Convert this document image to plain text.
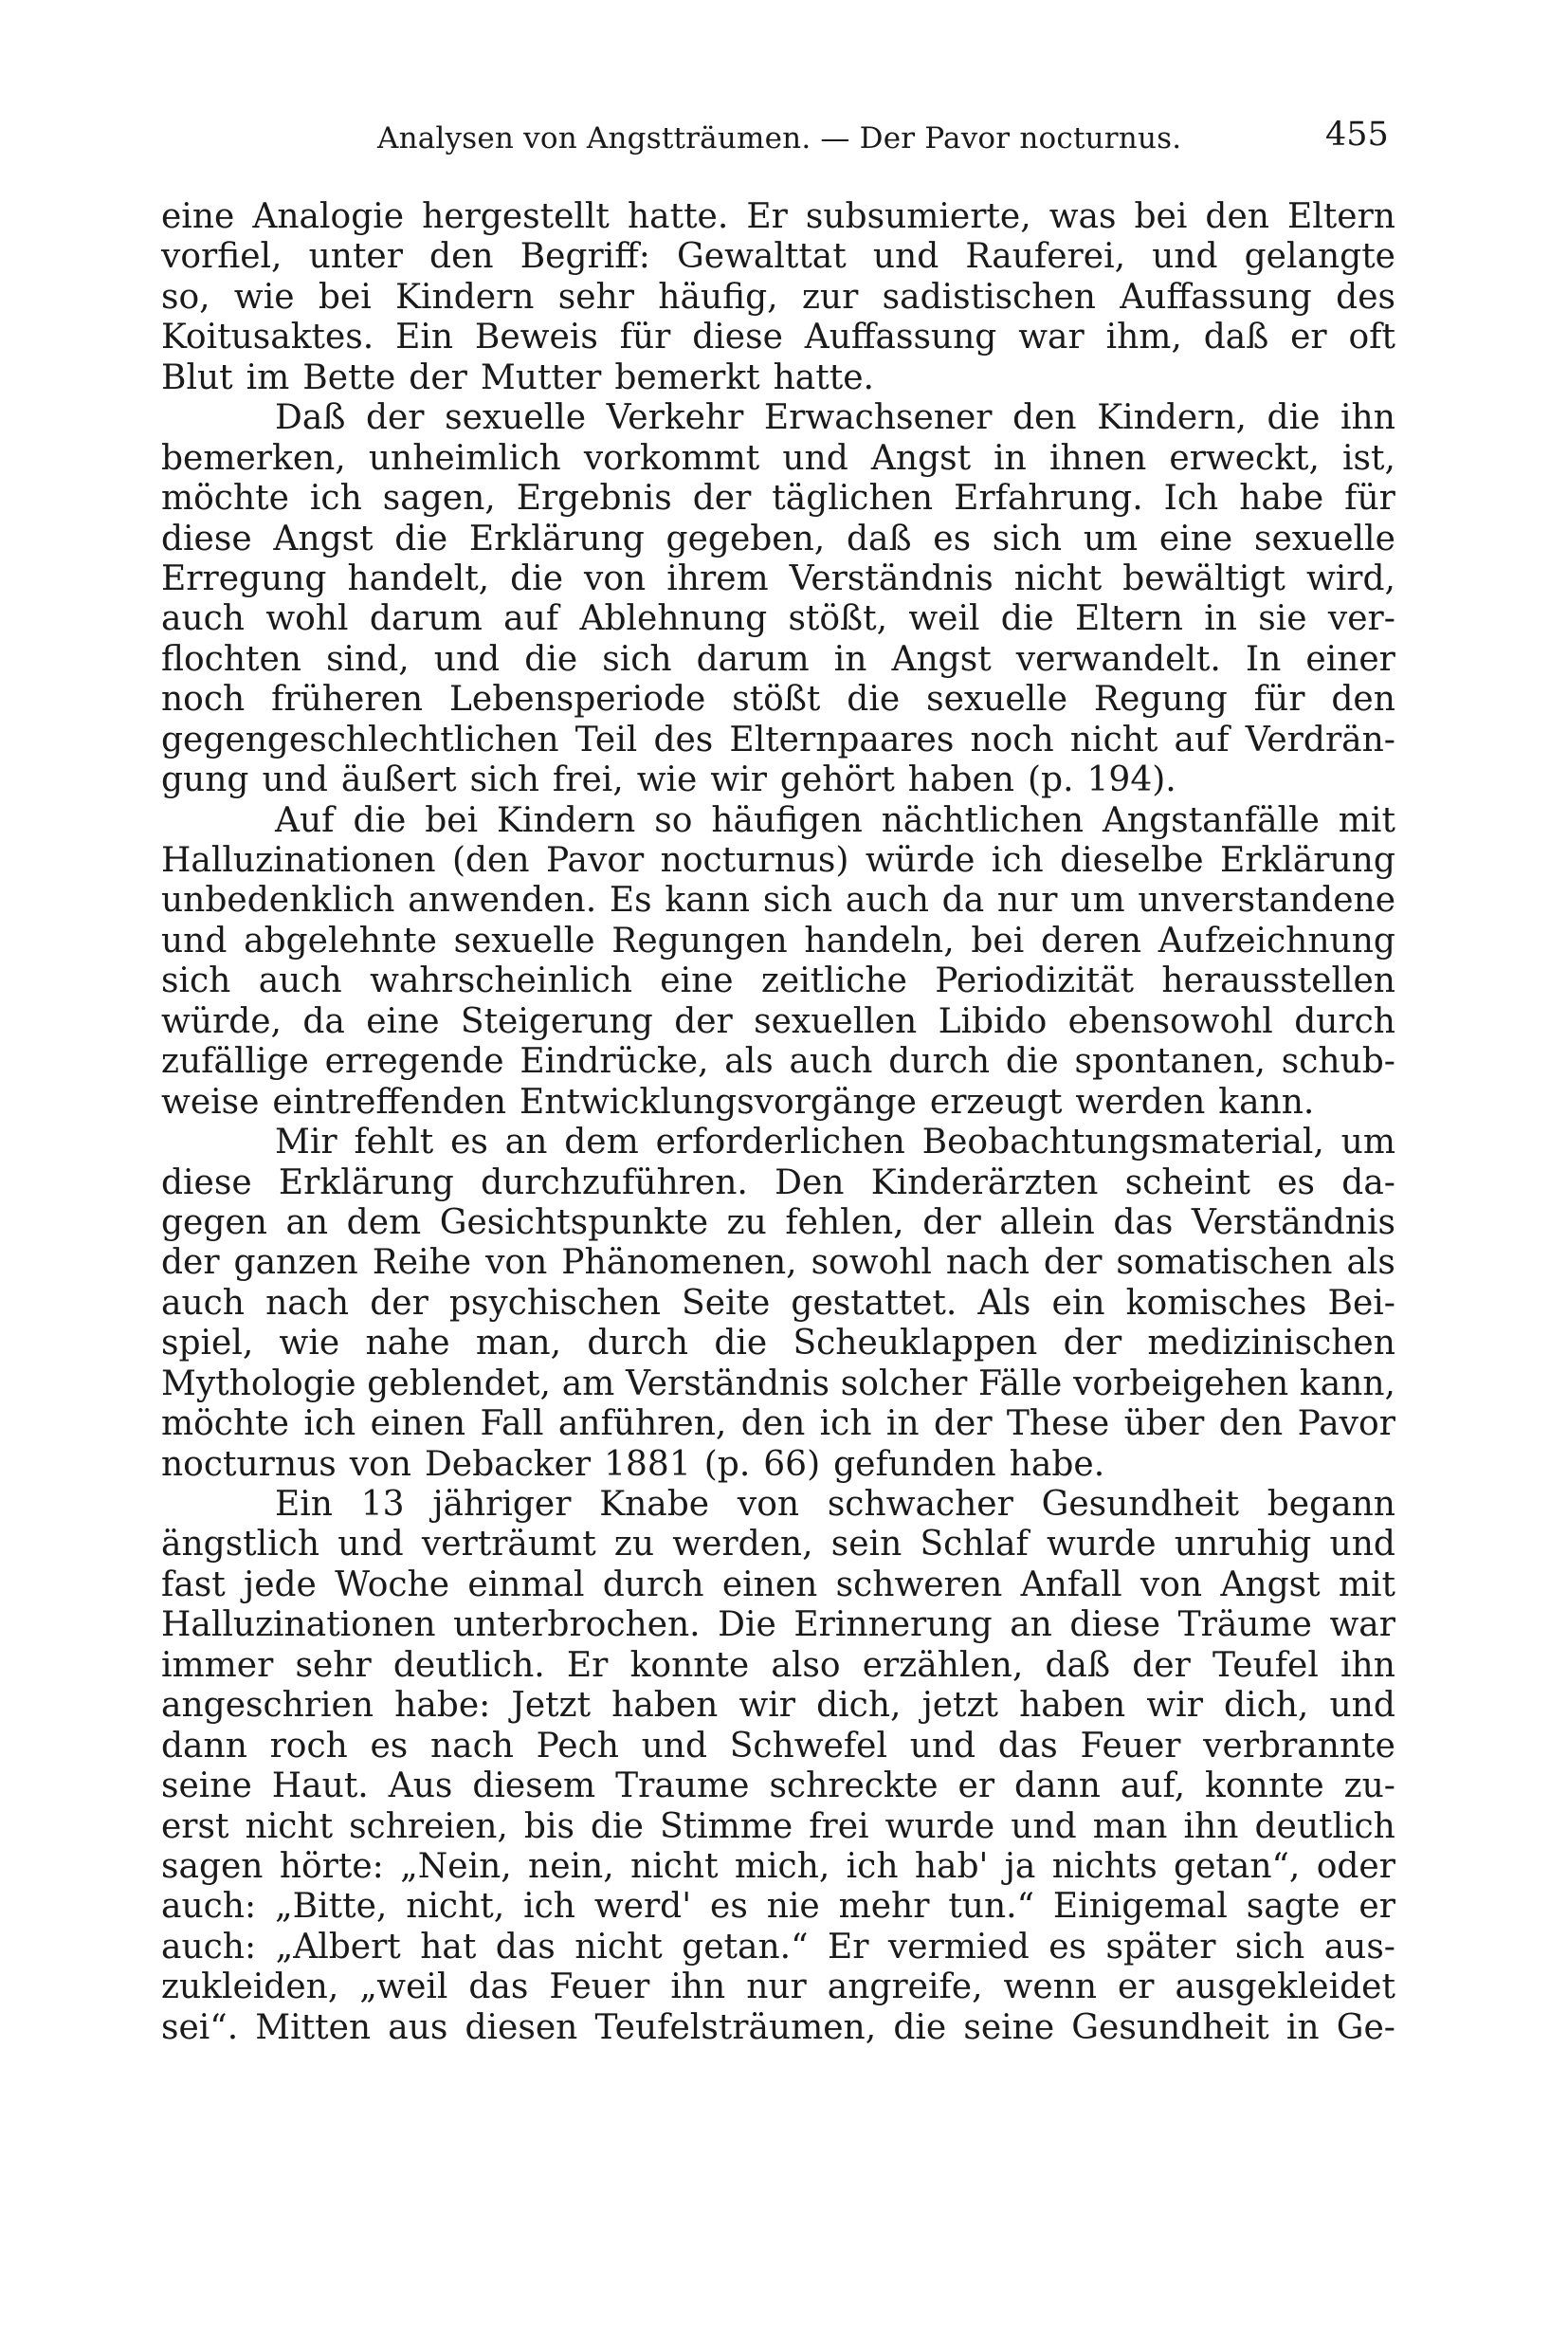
Analysen von Angstträumen. — Der Pavor nocturnus.	455
eine Analogie hergestellt hatte. Er subsumierte, was bei den Eltern
vorfiel, unter den Begriff: Gewalttat und Rauferei, und gelangte
so, wie bei Kindern sehr häufig, zur sadistischen Auffassung des
Koitusaktes. Ein Beweis für diese Auffassung war ihm, daß er oft
Blut im Bette der Mutter bemerkt hatte.
Daß der sexuelle Verkehr Erwachsener den Kindern, die ihn
bemerken, unheimlich vorkommt und Angst in ihnen erweckt, ist,
möchte ich sagen, Ergebnis der täglichen Erfahrung. Ich habe für
diese Angst die Erklärung gegeben, daß es sich um eine sexuelle
Erregung handelt, die von ihrem Verständnis nicht bewältigt wird,
auch wohl darum auf Ablehnung stößt, weil die Eltern in sie ver-
flochten sind, und die sich darum in Angst verwandelt. In einer
noch früheren Lebensperiode stößt die sexuelle Regung für den
gegengeschlechtlichen Teil des Elternpaares noch nicht auf Verdrän-
gung und äußert sich frei, wie wir gehört haben (p. 194).
Auf die bei Kindern so häufigen nächtlichen Angstanfälle mit
Halluzinationen (den Pavor nocturnus) würde ich dieselbe Erklärung
unbedenklich anwenden. Es kann sich auch da nur um unverstandene
und abgelehnte sexuelle Regungen handeln, bei deren Aufzeichnung
sich auch wahrscheinlich eine zeitliche Periodizität herausstellen
würde, da eine Steigerung der sexuellen Libido ebensowohl durch
zufällige erregende Eindrücke, als auch durch die spontanen, schub-
weise eintreffenden Entwicklungsvorgänge erzeugt werden kann.
Mir fehlt es an dem erforderlichen Beobachtungsmaterial, um
diese Erklärung durchzuführen. Den Kinderärzten scheint es da-
gegen an dem Gesichtspunkte zu fehlen, der allein das Verständnis
der ganzen Reihe von Phänomenen, sowohl nach der somatischen als
auch nach der psychischen Seite gestattet. Als ein komisches Bei-
spiel, wie nahe man, durch die Scheuklappen der medizinischen
Mythologie geblendet, am Verständnis solcher Fälle vorbeigehen kann,
möchte ich einen Fall anführen, den ich in der These über den Pavor
nocturnus von Debacker 1881 (p. 66) gefunden habe.
Ein 13 jähriger Knabe von schwacher Gesundheit begann
ängstlich und verträumt zu werden, sein Schlaf wurde unruhig und
fast jede Woche einmal durch einen schweren Anfall von Angst mit
Halluzinationen unterbrochen. Die Erinnerung an diese Träume war
immer sehr deutlich. Er konnte also erzählen, daß der Teufel ihn
angeschrien habe: Jetzt haben wir dich, jetzt haben wir dich, und
dann roch es nach Pech und Schwefel und das Feuer verbrannte
seine Haut. Aus diesem Traume schreckte er dann auf, konnte zu-
erst nicht schreien, bis die Stimme frei wurde und man ihn deutlich
sagen hörte: „Nein, nein, nicht mich, ich hab' ja nichts getan“, oder
auch: „Bitte, nicht, ich werd' es nie mehr tun.“ Einigemal sagte er
auch: „Albert hat das nicht getan.“ Er vermied es später sich aus-
zukleiden, „weil das Feuer ihn nur angreife, wenn er ausgekleidet
sei“. Mitten aus diesen Teufelsträumen, die seine Gesundheit in Ge-
